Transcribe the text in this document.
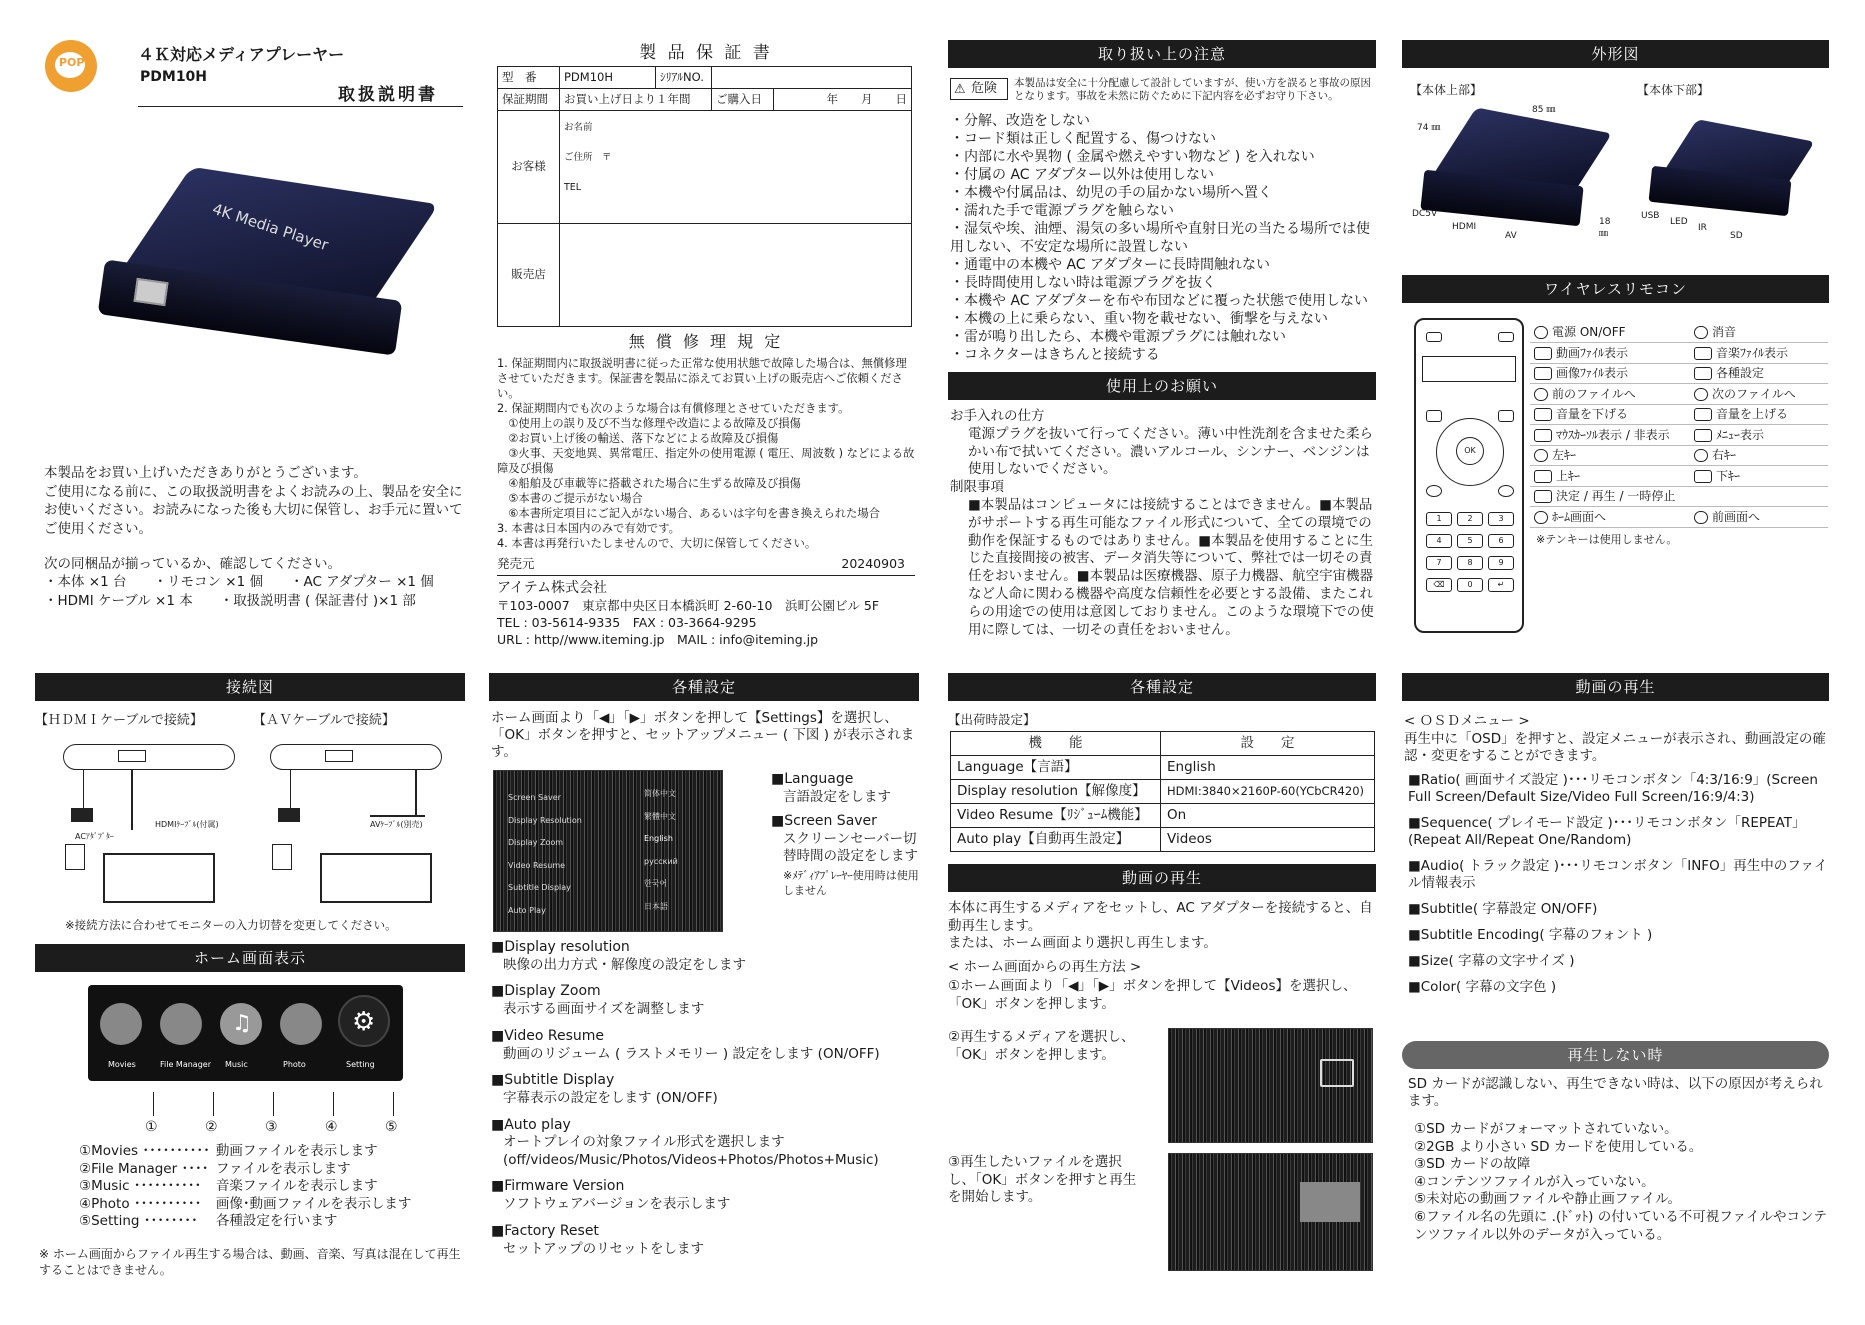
POP	４Ｋ対応メディアプレーヤー
PDM10H
取扱説明書
4K Media Player
本製品をお買い上げいただきありがとうございます。
ご使用になる前に、この取扱説明書をよくお読みの上、製品を安全にお使いください。お読みになった後も大切に保管し、お手元に置いてご使用ください。
次の同梱品が揃っているか、確認してください。
・本体 ×1 台　　・リモコン ×1 個　　・AC アダプター ×1 個
・HDMI ケーブル ×1 本　　・取扱説明書 ( 保証書付 )×1 部
製 品 保 証 書
型　番	PDM10H	ｼﾘｱﾙNO.		
保証期間	お買い上げ日より１年間		ご購入日	年　　月　　日
お客様	お名前
ご住所　〒
TEL			

販売店				
無 償 修 理 規 定
1. 保証期間内に取扱説明書に従った正常な使用状態で故障した場合は、無償修理させていただきます。保証書を製品に添えてお買い上げの販売店へご依頼ください。
2. 保証期間内でも次のような場合は有償修理とさせていただきます。
　①使用上の誤り及び不当な修理や改造による故障及び損傷
　②お買い上げ後の輸送、落下などによる故障及び損傷
　③火事、天変地異、異常電圧、指定外の使用電源 ( 電圧、周波数 ) などによる故障及び損傷
　④船舶及び車載等に搭載された場合に生ずる故障及び損傷
　⑤本書のご提示がない場合
　⑥本書所定項目にご記入がない場合、あるいは字句を書き換えられた場合
3. 本書は日本国内のみで有効です。
4. 本書は再発行いたしませんので、大切に保管してください。
発売元	20240903
アイテム株式会社
〒103-0007　東京都中央区日本橋浜町 2-60-10　浜町公園ビル 5F
TEL : 03-5614-9335　FAX : 03-3664-9295
URL : http//www.iteming.jp　MAIL : info@iteming.jp
取り扱い上の注意
⚠ 危険	本製品は安全に十分配慮して設計していますが、使い方を誤ると事故の原因となります。事故を未然に防ぐために下記内容を必ずお守り下さい。
・分解、改造をしない
・コード類は正しく配置する、傷つけない
・内部に水や異物 ( 金属や燃えやすい物など ) を入れない
・付属の AC アダプター以外は使用しない
・本機や付属品は、幼児の手の届かない場所へ置く
・濡れた手で電源プラグを触らない
・湿気や埃、油煙、湯気の多い場所や直射日光の当たる場所では使用しない、不安定な場所に設置しない
・通電中の本機や AC アダプターに長時間触れない
・長時間使用しない時は電源プラグを抜く
・本機や AC アダプターを布や布団などに覆った状態で使用しない
・本機の上に乗らない、重い物を載せない、衝撃を与えない
・雷が鳴り出したら、本機や電源プラグには触れない
・コネクターはきちんと接続する
使用上のお願い
お手入れの仕方
電源プラグを抜いて行ってください。薄い中性洗剤を含ませた柔らかい布で拭いてください。濃いアルコール、シンナー、ベンジンは使用しないでください。
制限事項
■本製品はコンピュータには接続することはできません。■本製品がサポートする再生可能なファイル形式について、全ての環境での動作を保証するものではありません。■本製品を使用することに生じた直接間接の被害、データ消失等について、弊社では一切その責任をおいません。■本製品は医療機器、原子力機器、航空宇宙機器など人命に関わる機器や高度な信頼性を必要とする設備、またこれらの用途での使用は意図しておりません。このような環境下での使用に際しては、一切その責任をおいません。
外形図
【本体上部】	【本体下部】
85 ㎜
74 ㎜
18 ㎜
DC5V
HDMI
AV
USB
LED
IR
SD
ワイヤレスリモコン
OK
1	2	3
4	5	6
7	8	9
⌫	0	↵
電源 ON/OFF	消音
動画ﾌｧｲﾙ表示	音楽ﾌｧｲﾙ表示
画像ﾌｧｲﾙ表示	各種設定
前のファイルへ	次のファイルへ
音量を下げる	音量を上げる
ﾏｳｽｶｰｿﾙ表示 / 非表示	ﾒﾆｭｰ表示
左ｷｰ	右ｷｰ
上ｷｰ	下ｷｰ
決定 / 再生 / 一時停止	
ﾎｰﾑ画面へ	前画面へ
※テンキーは使用しません。
接続図
【ＨＤＭＩケーブルで接続】	【ＡＶケーブルで接続】
ACｱﾀﾞﾌﾟﾀｰ
HDMIｹｰﾌﾞﾙ(付属)	AVｹｰﾌﾞﾙ(別売)
※接続方法に合わせてモニターの入力切替を変更してください。
ホーム画面表示
♫	⚙
Movies	File Manager Music	Photo	Setting
①	②	③	④	⑤
①Movies ･･････････	動画ファイルを表示します
②File Manager ････	ファイルを表示します
③Music ･･････････	音楽ファイルを表示します
④Photo ･･････････	画像･動画ファイルを表示します
⑤Setting ････････	各種設定を行います
※ ホーム画面からファイル再生する場合は、動画、音楽、写真は混在して再生することはできません。
各種設定
ホーム画面より「◀」「▶」ボタンを押して【Settings】を選択し、「OK」ボタンを押すと、セットアップメニュー ( 下図 ) が表示されます。
Screen Saver
Display Resolution
Display Zoom
Video Resume
Subtitle Display
Auto Play
简体中文
繁體中文
English
русский
한국어
日本語
■Language
言語設定をします
■Screen Saver
スクリーンセーバー切替時間の設定をします
※ﾒﾃﾞｨｱﾌﾟﾚｰﾔｰ使用時は使用しません
■Display resolution
映像の出力方式・解像度の設定をします
■Display Zoom
表示する画面サイズを調整します
■Video Resume
動画のリジューム ( ラストメモリー ) 設定をします (ON/OFF)
■Subtitle Display
字幕表示の設定をします (ON/OFF)
■Auto play
オートプレイの対象ファイル形式を選択します (off/videos/Music/Photos/Videos+Photos/Photos+Music)
■Firmware Version
ソフトウェアバージョンを表示します
■Factory Reset
セットアップのリセットをします
各種設定
【出荷時設定】
機　　能	設　　定
Language【言語】	English
Display resolution【解像度】	HDMI:3840×2160P-60(YCbCR420)
Video Resume【ﾘｼﾞｭｰﾑ機能】	On
Auto play【自動再生設定】	Videos
動画の再生
本体に再生するメディアをセットし、AC アダプターを接続すると、自動再生します。
または、ホーム画面より選択し再生します。
< ホーム画面からの再生方法 >
①ホーム画面より「◀」「▶」ボタンを押して【Videos】を選択し、「OK」ボタンを押します。
②再生するメディアを選択し、「OK」ボタンを押します。
③再生したいファイルを選択し、「OK」ボタンを押すと再生を開始します。
動画の再生
< ＯＳＤメニュー >
再生中に「OSD」を押すと、設定メニューが表示され、動画設定の確認・変更をすることができます。
■Ratio( 画面サイズ設定 )･･･リモコンボタン「4:3/16:9」(Screen Full Screen/Default Size/Video Full Screen/16:9/4:3)
■Sequence( プレイモード設定 )･･･リモコンボタン「REPEAT」(Repeat All/Repeat One/Random)
■Audio( トラック設定 )･･･リモコンボタン「INFO」再生中のファイル情報表示
■Subtitle( 字幕設定 ON/OFF)
■Subtitle Encoding( 字幕のフォント )
■Size( 字幕の文字サイズ )
■Color( 字幕の文字色 )
再生しない時
SD カードが認識しない、再生できない時は、以下の原因が考えられます。
①SD カードがフォーマットされていない。
②2GB より小さい SD カードを使用している。
③SD カードの故障
④コンテンツファイルが入っていない。
⑤未対応の動画ファイルや静止画ファイル。
⑥ファイル名の先頭に .(ﾄﾞｯﾄ) の付いている不可視ファイルやコンテンツファイル以外のデータが入っている。
